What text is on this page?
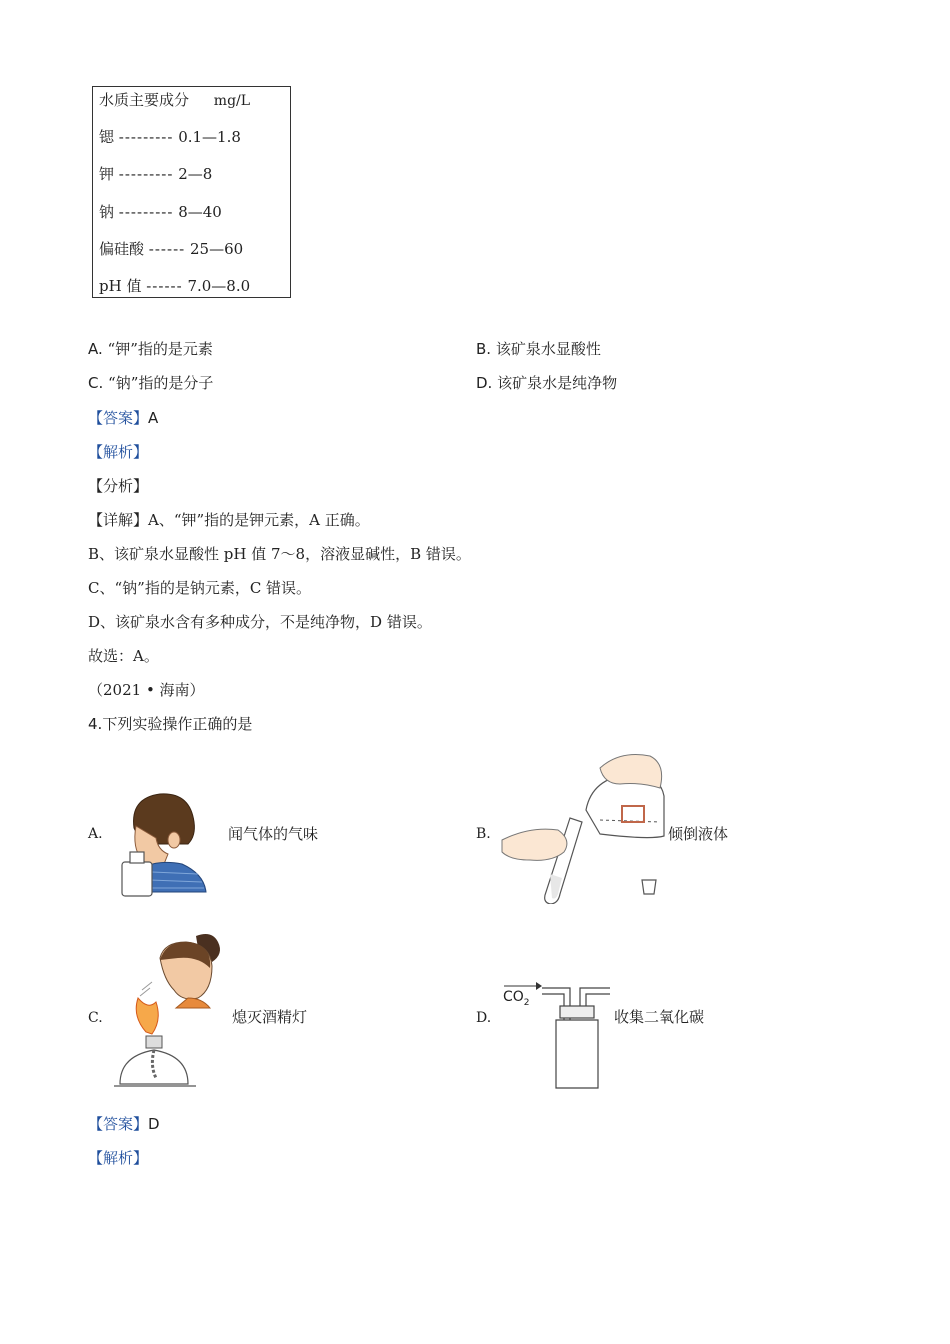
水质主要成分 mg/L
锶 --------- 0.1—1.8
钾 --------- 2—8
钠 --------- 8—40
偏硅酸 ------ 25—60
pH 值 ------ 7.0—8.0
A. “钾”指的是元素	B. 该矿泉水显酸性
C. “钠”指的是分子	D. 该矿泉水是纯净物
【答案】A
【解析】
【分析】
【详解】A、“钾”指的是钾元素，A 正确。
B、该矿泉水显酸性 pH 值 7～8，溶液显碱性，B 错误。
C、“钠”指的是钠元素，C 错误。
D、该矿泉水含有多种成分，不是纯净物，D 错误。
故选：A。
（2021 • 海南）
4.下列实验操作正确的是
A.	闻气体的气味	B.	倾倒液体
C.	熄灭酒精灯	D.
$CO_2$
收集二氧化碳
【答案】D
【解析】
